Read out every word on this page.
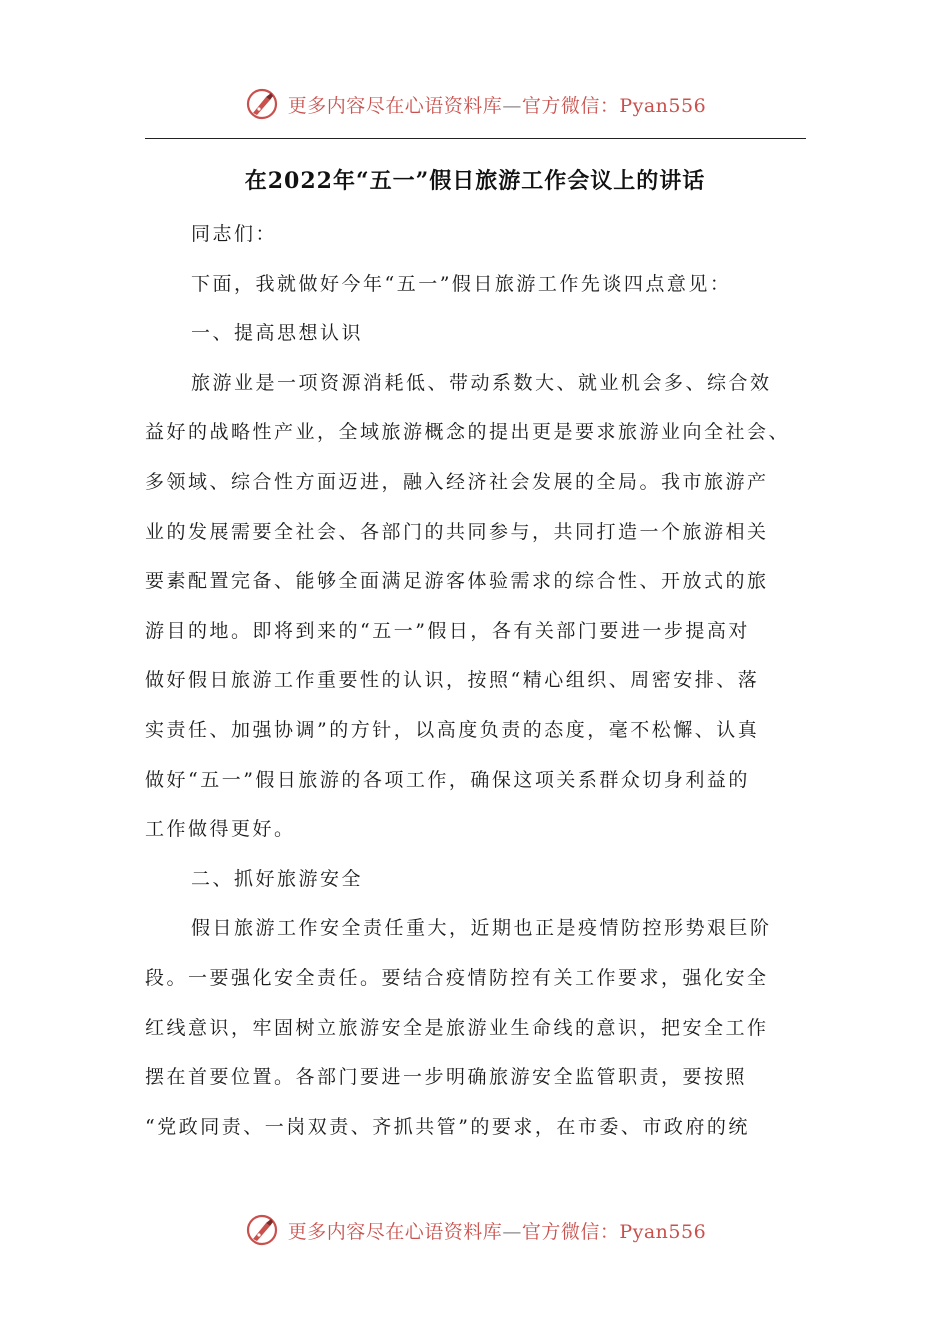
更多内容尽在心语资料库—官方微信：Pyan556
在2022年“五一”假日旅游工作会议上的讲话
同志们：
下面，我就做好今年“五一”假日旅游工作先谈四点意见：
一、提高思想认识
旅游业是一项资源消耗低、带动系数大、就业机会多、综合效
益好的战略性产业，全域旅游概念的提出更是要求旅游业向全社会、
多领域、综合性方面迈进，融入经济社会发展的全局。我市旅游产
业的发展需要全社会、各部门的共同参与，共同打造一个旅游相关
要素配置完备、能够全面满足游客体验需求的综合性、开放式的旅
游目的地。即将到来的“五一”假日，各有关部门要进一步提高对
做好假日旅游工作重要性的认识，按照“精心组织、周密安排、落
实责任、加强协调”的方针，以高度负责的态度，毫不松懈、认真
做好“五一”假日旅游的各项工作，确保这项关系群众切身利益的
工作做得更好。
二、抓好旅游安全
假日旅游工作安全责任重大，近期也正是疫情防控形势艰巨阶
段。一要强化安全责任。要结合疫情防控有关工作要求，强化安全
红线意识，牢固树立旅游安全是旅游业生命线的意识，把安全工作
摆在首要位置。各部门要进一步明确旅游安全监管职责，要按照
“党政同责、一岗双责、齐抓共管”的要求，在市委、市政府的统
更多内容尽在心语资料库—官方微信：Pyan556
